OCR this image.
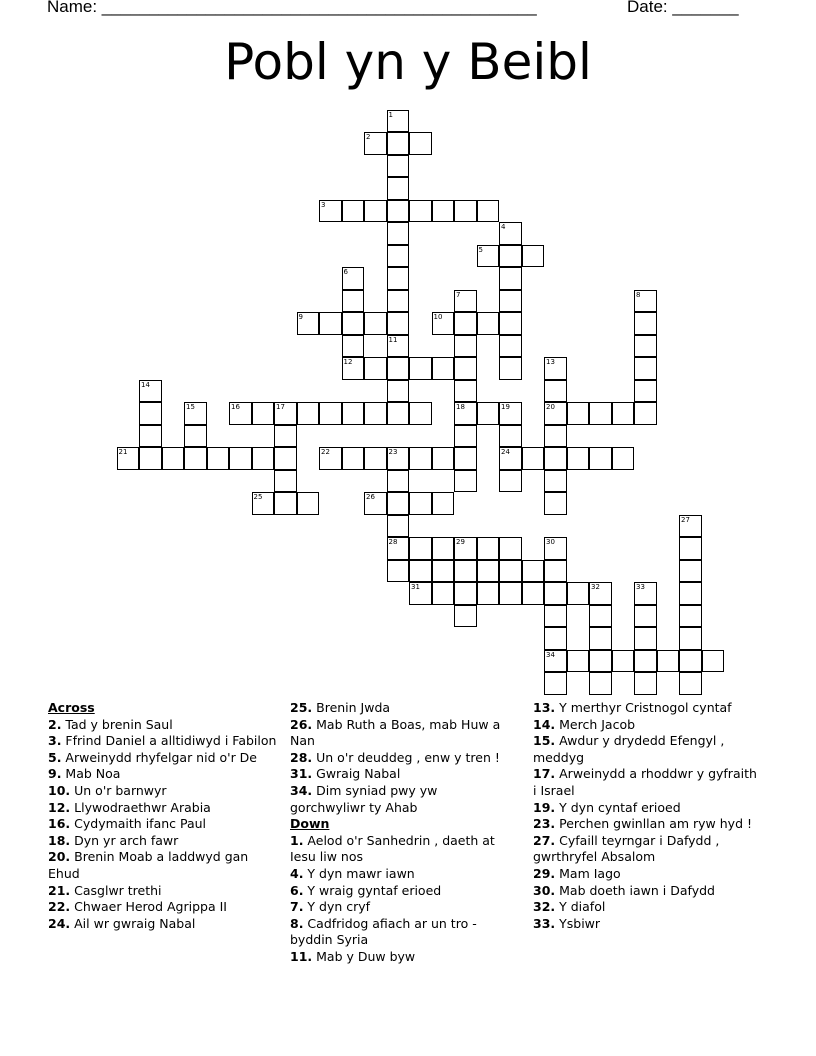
Name: ______________________________________________	Date: _______
Pobl yn y Beibl
2
3
5
9	10
12
16	17	18	19	20
21	22	23	24
25	26
28	29
31
34
1
11
4
6
7	8
13
14
15
27
30
32	33
Across
2. Tad y brenin Saul
3. Ffrind Daniel a alltidiwyd i Fabilon
5. Arweinydd rhyfelgar nid o'r De
9. Mab Noa
10. Un o'r barnwyr
12. Llywodraethwr Arabia
16. Cydymaith ifanc Paul
18. Dyn yr arch fawr
20. Brenin Moab a laddwyd gan Ehud
21. Casglwr trethi
22. Chwaer Herod Agrippa II
24. Ail wr gwraig Nabal
25. Brenin Jwda
26. Mab Ruth a Boas, mab Huw a Nan
28. Un o'r deuddeg , enw y tren !
31. Gwraig Nabal
34. Dim syniad pwy yw gorchwyliwr ty Ahab
Down
1. Aelod o'r Sanhedrin , daeth at Iesu liw nos
4. Y dyn mawr iawn
6. Y wraig gyntaf erioed
7. Y dyn cryf
8. Cadfridog afiach ar un tro - byddin Syria
11. Mab y Duw byw
13. Y merthyr Cristnogol cyntaf
14. Merch Jacob
15. Awdur y drydedd Efengyl , meddyg
17. Arweinydd a rhoddwr y gyfraith i Israel
19. Y dyn cyntaf erioed
23. Perchen gwinllan am ryw hyd !
27. Cyfaill teyrngar i Dafydd , gwrthryfel Absalom
29. Mam Iago
30. Mab doeth iawn i Dafydd
32. Y diafol
33. Ysbiwr
